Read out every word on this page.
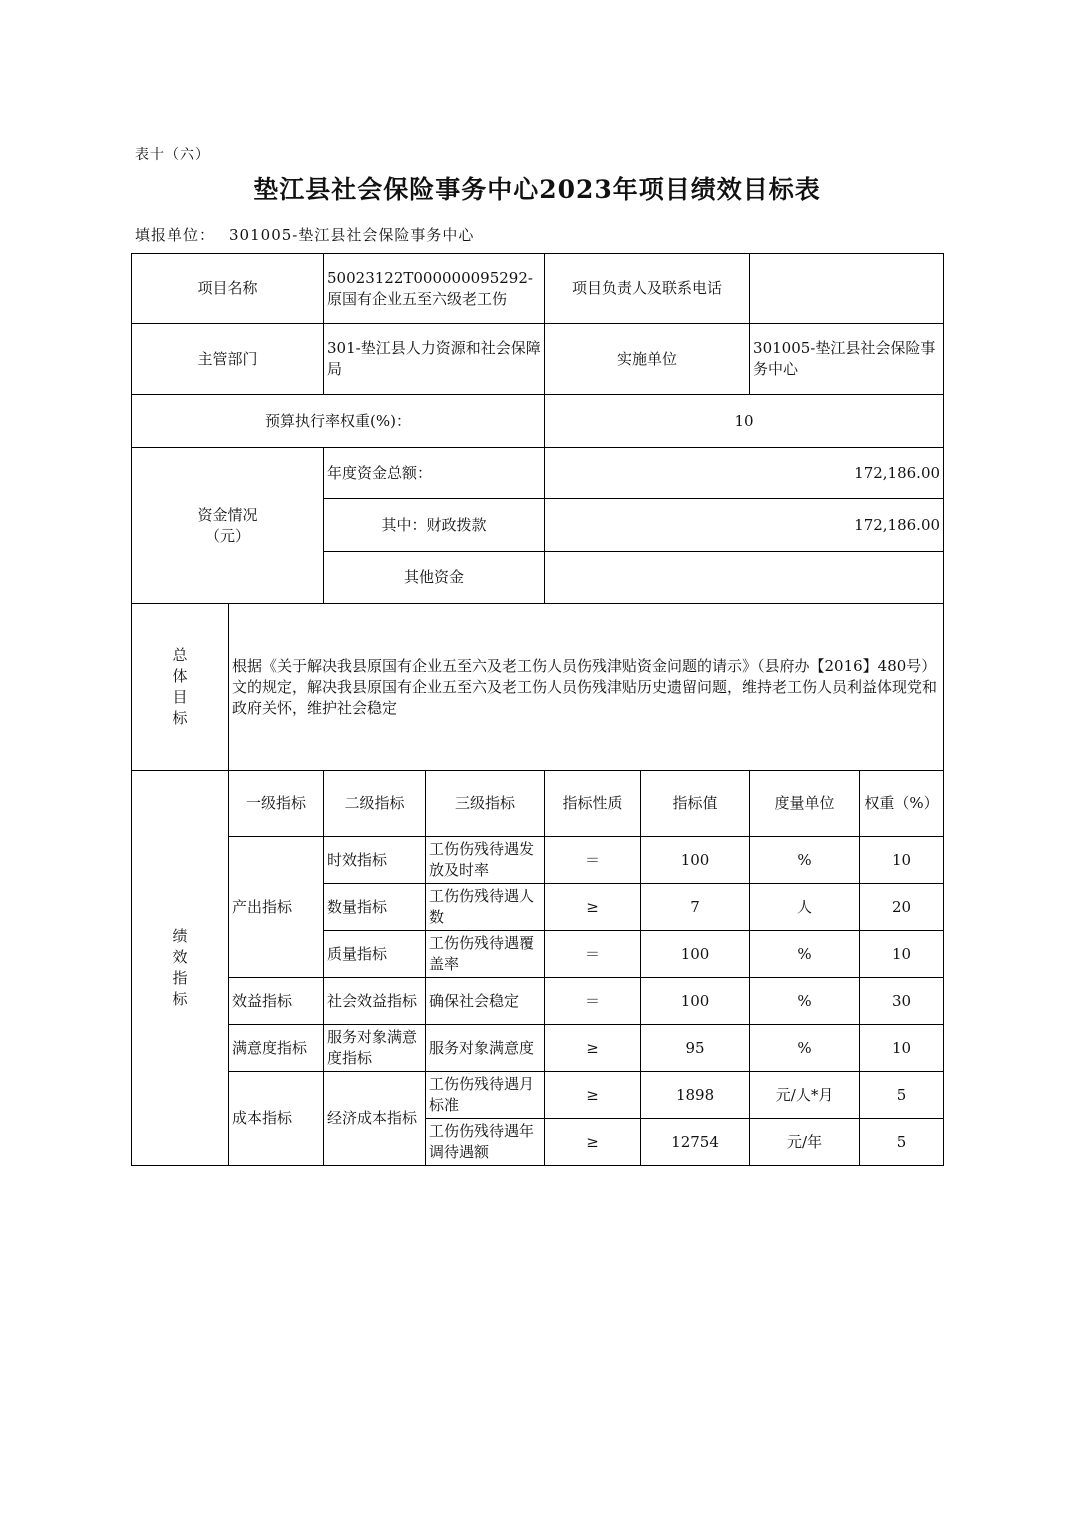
表十（六）
垫江县社会保险事务中心2023年项目绩效目标表
填报单位： 301005-垫江县社会保险事务中心
项目名称		50023122T000000095292-原国有企业五至六级老工伤		项目负责人及联系电话			
主管部门		301-垫江县人力资源和社会保障局		实施单位		301005-垫江县社会保险事务中心	
预算执行率权重(%)：				10			

资金情况
（元）		年度资金总额：		172,186.00			
		其中：财政拨款		172,186.00			
		其他资金					

总
体
目
标	根据《关于解决我县原国有企业五至六及老工伤人员伤残津贴资金问题的请示》（县府办【2016】480号）文的规定，解决我县原国有企业五至六及老工伤人员伤残津贴历史遗留问题，维持老工伤人员利益体现党和政府关怀，维护社会稳定						

绩
效
指
标	一级指标	二级指标	三级指标	指标性质	指标值	度量单位	权重（%）
	产出指标	时效指标	工伤伤残待遇发放及时率	＝	100	%	10
		数量指标	工伤伤残待遇人数	≥	7	人	20
		质量指标	工伤伤残待遇覆盖率	＝	100	%	10
	效益指标	社会效益指标	确保社会稳定	＝	100	%	30
	满意度指标	服务对象满意度指标	服务对象满意度	≥	95	%	10
	成本指标	经济成本指标	工伤伤残待遇月标准	≥	1898	元/人*月	5
			工伤伤残待遇年调待遇额	≥	12754	元/年	5
